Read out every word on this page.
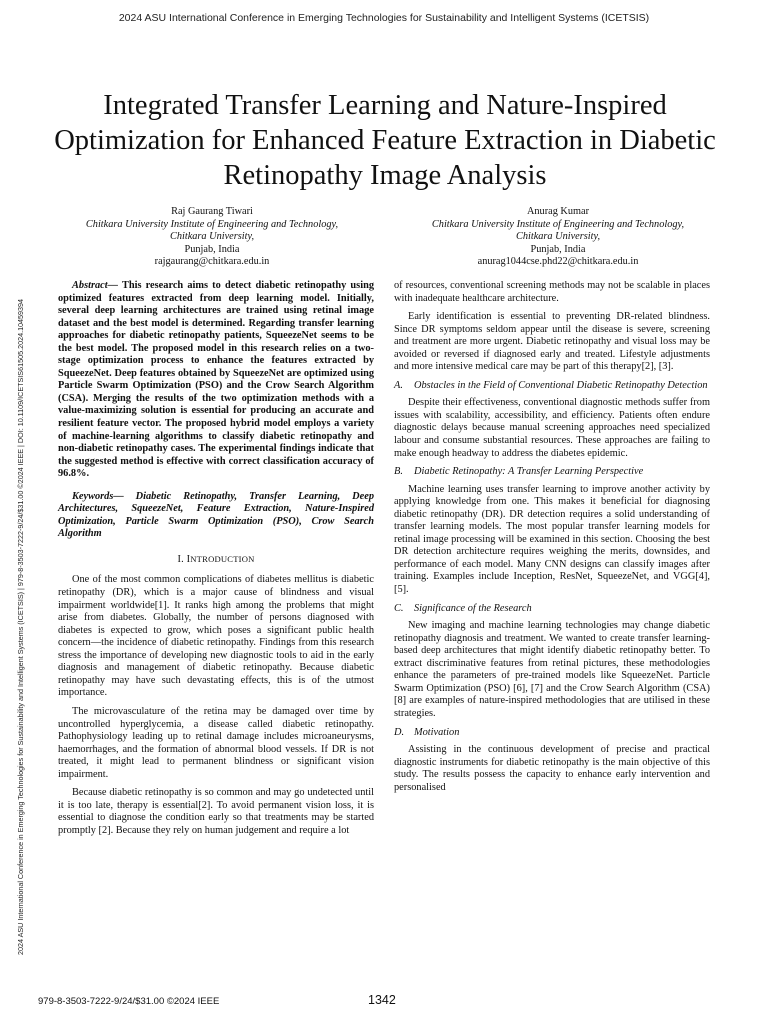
2024 ASU International Conference in Emerging Technologies for Sustainability and Intelligent Systems (ICETSIS)
2024 ASU International Conference in Emerging Technologies for Sustainability and Intelligent Systems (ICETSIS) | 979-8-3503-7222-9/24/$31.00 ©2024 IEEE | DOI: 10.1109/ICETSIS61505.2024.10459394
Integrated Transfer Learning and Nature-Inspired Optimization for Enhanced Feature Extraction in Diabetic Retinopathy Image Analysis
Raj Gaurang Tiwari
Chitkara University Institute of Engineering and Technology,
Chitkara University,
Punjab, India
rajgaurang@chitkara.edu.in
Anurag Kumar
Chitkara University Institute of Engineering and Technology,
Chitkara University,
Punjab, India
anurag1044cse.phd22@chitkara.edu.in

Abstract— This research aims to detect diabetic retinopathy using optimized features extracted from deep learning model. Initially, several deep learning architectures are trained using retinal image dataset and the best model is determined. Regarding transfer learning approaches for diabetic retinopathy patients, SqueezeNet seems to be the best model. The proposed model in this research relies on a two-stage optimization process to enhance the features extracted by SqueezeNet. Deep features obtained by SqueezeNet are optimized using Particle Swarm Optimization (PSO) and the Crow Search Algorithm (CSA). Merging the results of the two optimization methods with a value-maximizing solution is essential for producing an accurate and resilient feature vector. The proposed hybrid model employs a variety of machine-learning algorithms to classify diabetic retinopathy and non-diabetic retinopathy cases. The experimental findings indicate that the suggested method is effective with correct classification accuracy of 96.8%.

Keywords— Diabetic Retinopathy, Transfer Learning, Deep Architectures, SqueezeNet, Feature Extraction, Nature-Inspired Optimization, Particle Swarm Optimization (PSO), Crow Search Algorithm

I. INTRODUCTION

One of the most common complications of diabetes mellitus is diabetic retinopathy (DR), which is a major cause of blindness and visual impairment worldwide[1]. It ranks high among the problems that might arise from diabetes. Globally, the number of persons diagnosed with diabetes is expected to grow, which poses a significant public health concern—the incidence of diabetic retinopathy. Findings from this research stress the importance of developing new diagnostic tools to aid in the early diagnosis and management of diabetic retinopathy. Because diabetic retinopathy may have such devastating effects, this is of the utmost importance.

The microvasculature of the retina may be damaged over time by uncontrolled hyperglycemia, a disease called diabetic retinopathy. Pathophysiology leading up to retinal damage includes microaneurysms, haemorrhages, and the formation of abnormal blood vessels. If DR is not treated, it might lead to permanent blindness or significant vision impairment.

Because diabetic retinopathy is so common and may go undetected until it is too late, therapy is essential[2]. To avoid permanent vision loss, it is essential to diagnose the condition early so that treatments may be started promptly [2]. Because they rely on human judgement and require a lot

of resources, conventional screening methods may not be scalable in places with inadequate healthcare architecture.

Early identification is essential to preventing DR-related blindness. Since DR symptoms seldom appear until the disease is severe, screening and treatment are more urgent. Diabetic retinopathy and visual loss may be avoided or reversed if diagnosed early and treated. Lifestyle adjustments and more intensive medical care may be part of this therapy[2], [3].

A.	Obstacles in the Field of Conventional Diabetic Retinopathy Detection

Despite their effectiveness, conventional diagnostic methods suffer from issues with scalability, accessibility, and efficiency. Patients often endure diagnostic delays because manual screening approaches need specialized labour and consume substantial resources. These approaches are failing to make enough headway to address the diabetes epidemic.

B.	Diabetic Retinopathy: A Transfer Learning Perspective

Machine learning uses transfer learning to improve another activity by applying knowledge from one. This makes it beneficial for diagnosing diabetic retinopathy (DR). DR detection requires a solid understanding of transfer learning models. The most popular transfer learning models for retinal image processing will be examined in this section. Choosing the best DR detection architecture requires weighing the merits, downsides, and performance of each model. Many CNN designs can classify images after training. Examples include Inception, ResNet, SqueezeNet, and VGG[4], [5].

C.	Significance of the Research

New imaging and machine learning technologies may change diabetic retinopathy diagnosis and treatment. We wanted to create transfer learning-based deep architectures that might identify diabetic retinopathy better. To extract discriminative features from retinal pictures, these methodologies enhance the parameters of pre-trained models like SqueezeNet. Particle Swarm Optimization (PSO) [6], [7] and the Crow Search Algorithm (CSA) [8] are examples of nature-inspired methodologies that are utilised in these strategies.

D. Motivation

Assisting in the continuous development of precise and practical diagnostic instruments for diabetic retinopathy is the main objective of this study. The results possess the capacity to enhance early intervention and personalised

979-8-3503-7222-9/24/$31.00 ©2024 IEEE	1342
